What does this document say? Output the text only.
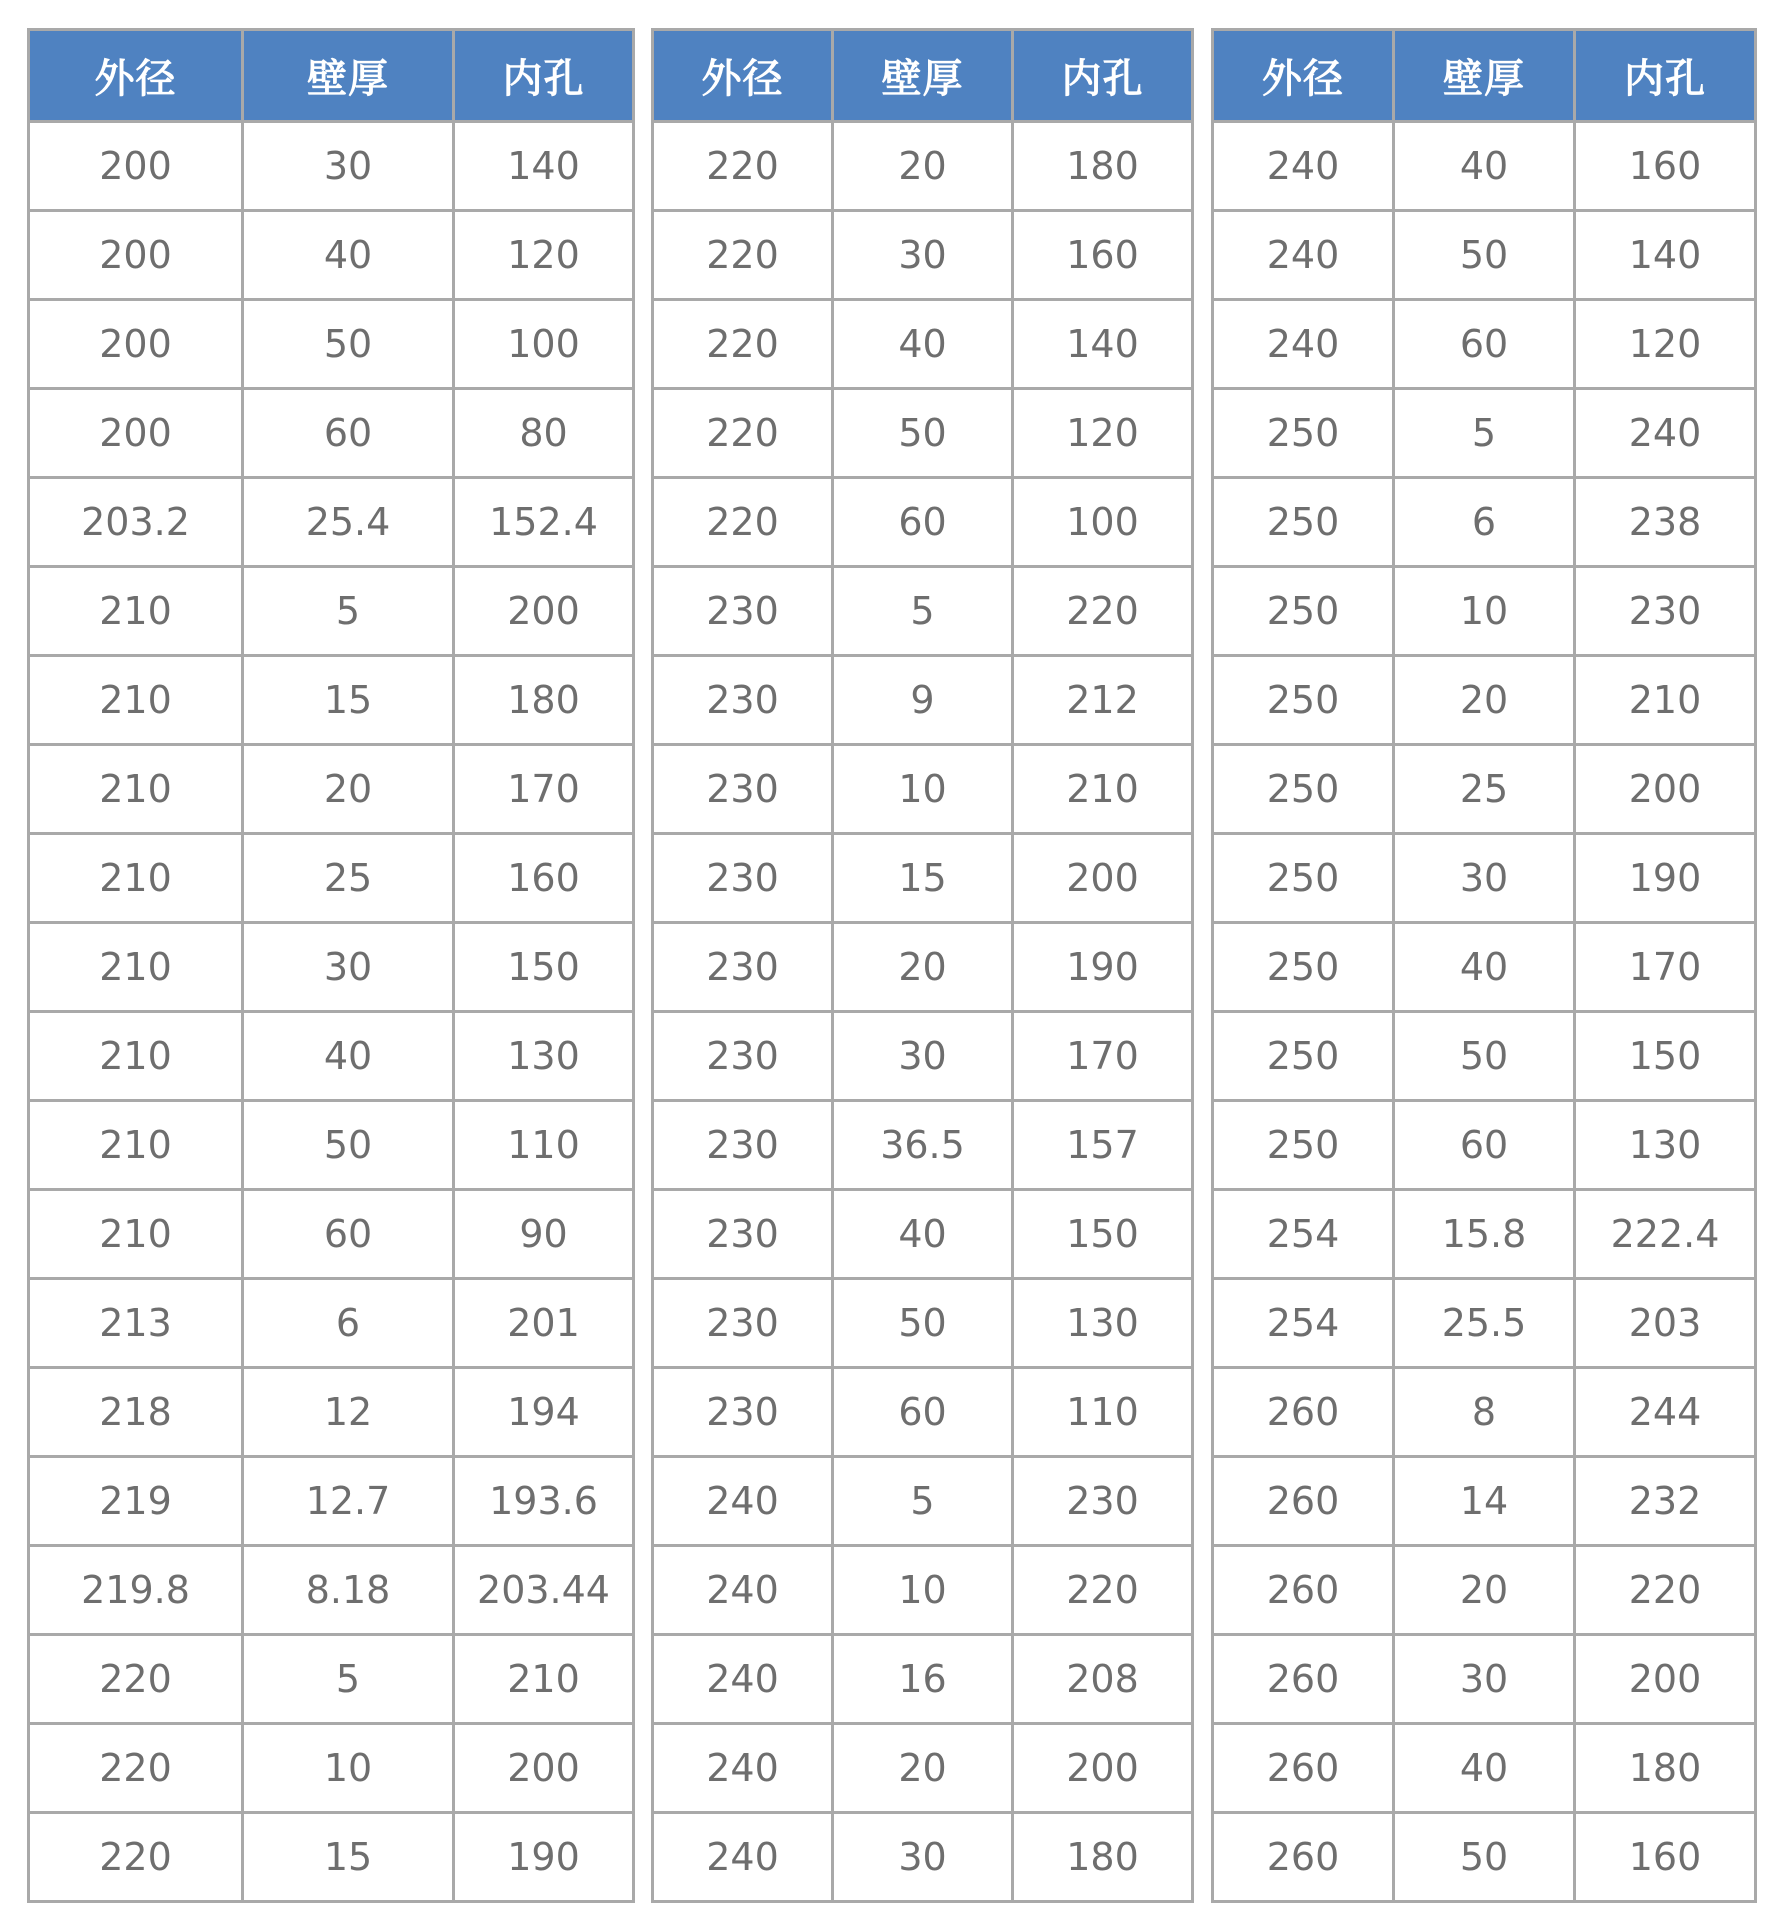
外径	壁厚	内孔
200	30	140
200	40	120
200	50	100
200	60	80
203.2	25.4	152.4
210	5	200
210	15	180
210	20	170
210	25	160
210	30	150
210	40	130
210	50	110
210	60	90
213	6	201
218	12	194
219	12.7	193.6
219.8	8.18	203.44
220	5	210
220	10	200
220	15	190
外径	壁厚	内孔
220	20	180
220	30	160
220	40	140
220	50	120
220	60	100
230	5	220
230	9	212
230	10	210
230	15	200
230	20	190
230	30	170
230	36.5	157
230	40	150
230	50	130
230	60	110
240	5	230
240	10	220
240	16	208
240	20	200
240	30	180
外径	壁厚	内孔
240	40	160
240	50	140
240	60	120
250	5	240
250	6	238
250	10	230
250	20	210
250	25	200
250	30	190
250	40	170
250	50	150
250	60	130
254	15.8	222.4
254	25.5	203
260	8	244
260	14	232
260	20	220
260	30	200
260	40	180
260	50	160
